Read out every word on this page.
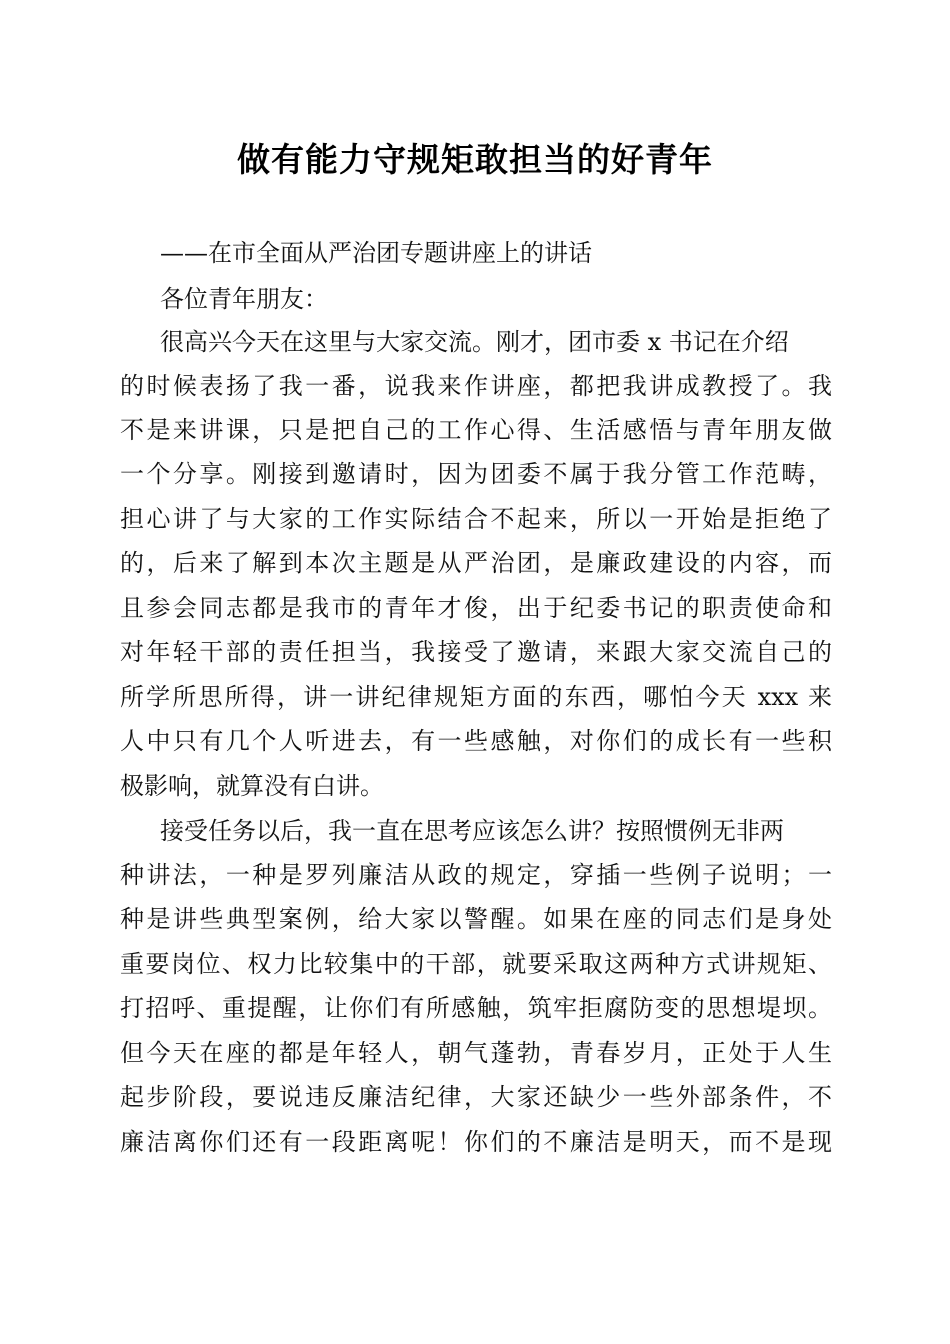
做有能力守规矩敢担当的好青年
——在市全面从严治团专题讲座上的讲话
各位青年朋友：
很高兴今天在这里与大家交流。刚才，团市委 x 书记在介绍
的时候表扬了我一番，说我来作讲座，都把我讲成教授了。我
不是来讲课，只是把自己的工作心得、生活感悟与青年朋友做
一个分享。刚接到邀请时，因为团委不属于我分管工作范畴，
担心讲了与大家的工作实际结合不起来，所以一开始是拒绝了
的，后来了解到本次主题是从严治团，是廉政建设的内容，而
且参会同志都是我市的青年才俊，出于纪委书记的职责使命和
对年轻干部的责任担当，我接受了邀请，来跟大家交流自己的
所学所思所得，讲一讲纪律规矩方面的东西，哪怕今天 xxx 来
人中只有几个人听进去，有一些感触，对你们的成长有一些积
极影响，就算没有白讲。
接受任务以后，我一直在思考应该怎么讲？按照惯例无非两
种讲法，一种是罗列廉洁从政的规定，穿插一些例子说明；一
种是讲些典型案例，给大家以警醒。如果在座的同志们是身处
重要岗位、权力比较集中的干部，就要采取这两种方式讲规矩、
打招呼、重提醒，让你们有所感触，筑牢拒腐防变的思想堤坝。
但今天在座的都是年轻人，朝气蓬勃，青春岁月，正处于人生
起步阶段，要说违反廉洁纪律，大家还缺少一些外部条件，不
廉洁离你们还有一段距离呢！你们的不廉洁是明天，而不是现
